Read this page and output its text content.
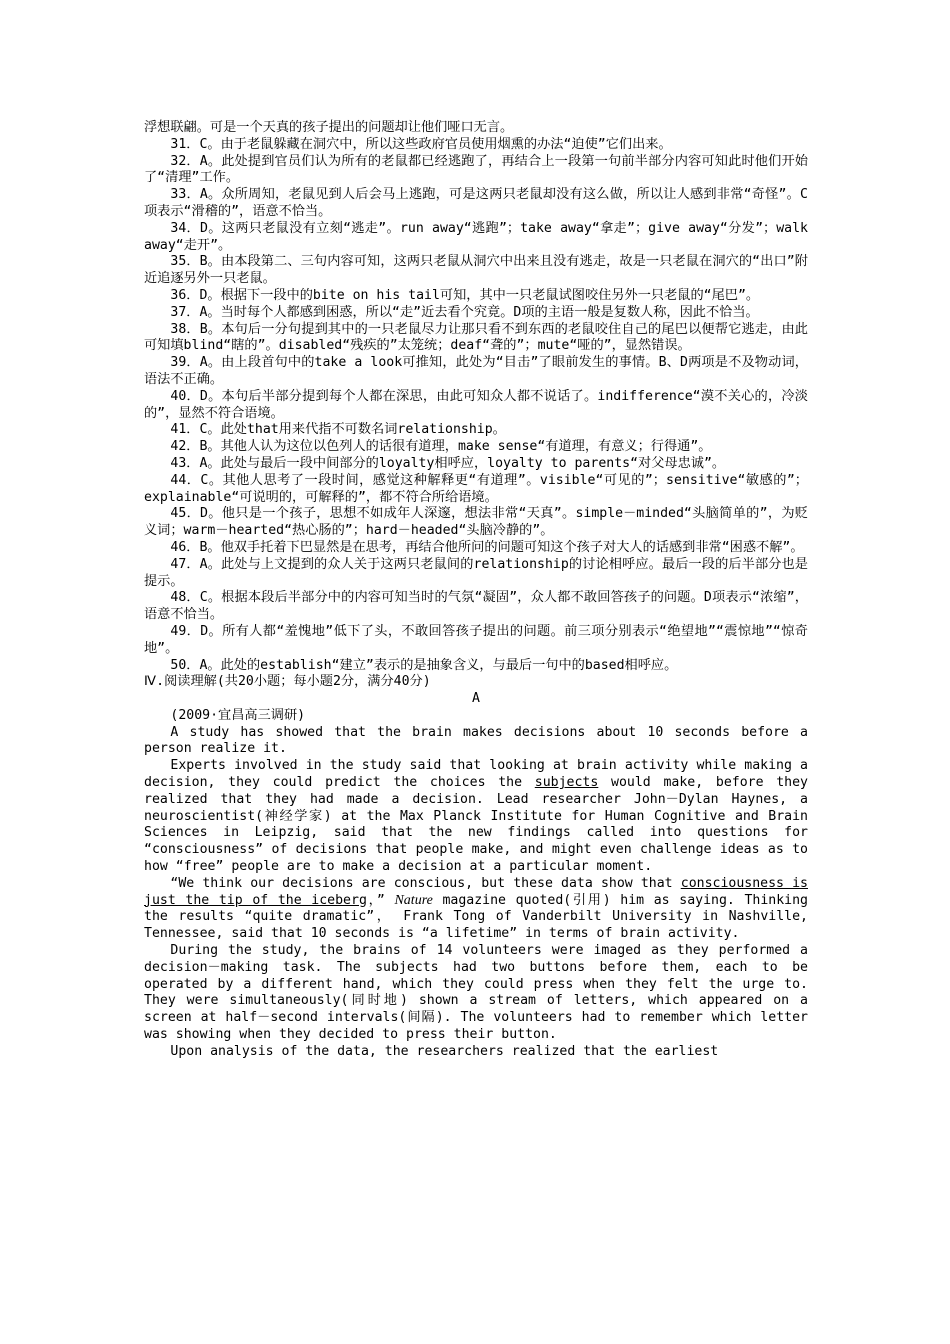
浮想联翩。可是一个天真的孩子提出的问题却让他们哑口无言。

31．C。由于老鼠躲藏在洞穴中，所以这些政府官员使用烟熏的办法“迫使”它们出来。

32．A。此处提到官员们认为所有的老鼠都已经逃跑了，再结合上一段第一句前半部分内容可知此时他们开始了“清理”工作。

33．A。众所周知，老鼠见到人后会马上逃跑，可是这两只老鼠却没有这么做，所以让人感到非常“奇怪”。C项表示“滑稽的”，语意不恰当。

34．D。这两只老鼠没有立刻“逃走”。run away“逃跑”；take away“拿走”；give away“分发”；walk away“走开”。

35．B。由本段第二、三句内容可知，这两只老鼠从洞穴中出来且没有逃走，故是一只老鼠在洞穴的“出口”附近追逐另外一只老鼠。

36．D。根据下一段中的bite on his tail可知，其中一只老鼠试图咬住另外一只老鼠的“尾巴”。

37．A。当时每个人都感到困惑，所以“走”近去看个究竟。D项的主语一般是复数人称，因此不恰当。

38．B。本句后一分句提到其中的一只老鼠尽力让那只看不到东西的老鼠咬住自己的尾巴以便帮它逃走，由此可知填blind“瞎的”。disabled“残疾的”太笼统；deaf“聋的”；mute“哑的”，显然错误。

39．A。由上段首句中的take a look可推知，此处为“目击”了眼前发生的事情。B、D两项是不及物动词，语法不正确。

40．D。本句后半部分提到每个人都在深思，由此可知众人都不说话了。indifference“漠不关心的，冷淡的”，显然不符合语境。

41．C。此处that用来代指不可数名词relationship。

42．B。其他人认为这位以色列人的话很有道理，make sense“有道理，有意义；行得通”。

43．A。此处与最后一段中间部分的loyalty相呼应，loyalty to parents“对父母忠诚”。

44．C。其他人思考了一段时间，感觉这种解释更“有道理”。visible“可见的”；sensitive“敏感的”；explainable“可说明的，可解释的”，都不符合所给语境。

45．D。他只是一个孩子，思想不如成年人深邃，想法非常“天真”。simple－minded“头脑简单的”，为贬义词；warm－hearted“热心肠的”；hard－headed“头脑冷静的”。

46．B。他双手托着下巴显然是在思考，再结合他所问的问题可知这个孩子对大人的话感到非常“困惑不解”。

47．A。此处与上文提到的众人关于这两只老鼠间的relationship的讨论相呼应。最后一段的后半部分也是提示。

48．C。根据本段后半部分中的内容可知当时的气氛“凝固”，众人都不敢回答孩子的问题。D项表示“浓缩”，语意不恰当。

49．D。所有人都“羞愧地”低下了头，不敢回答孩子提出的问题。前三项分别表示“绝望地”“震惊地”“惊奇地”。

50．A。此处的establish“建立”表示的是抽象含义，与最后一句中的based相呼应。

Ⅳ.阅读理解(共20小题；每小题2分，满分40分)

A

(2009·宜昌高三调研)

A study has showed that the brain makes decisions about 10 seconds before a person realize it.

Experts involved in the study said that looking at brain activity while making a decision, they could predict the choices the subjects would make, before they realized that they had made a decision. Lead researcher John－Dylan Haynes, a neuroscientist(神经学家) at the Max Planck Institute for Human Cognitive and Brain Sciences in Leipzig, said that the new findings called into questions for “consciousness” of decisions that people make, and might even challenge ideas as to how “free” people are to make a decision at a particular moment.

“We think our decisions are conscious, but these data show that consciousness is just the tip of the iceberg，” Nature magazine quoted(引用) him as saying. Thinking the results “quite dramatic”， Frank Tong of Vanderbilt University in Nashville, Tennessee, said that 10 seconds is “a lifetime” in terms of brain activity.

During the study, the brains of 14 volunteers were imaged as they performed a decision－making task. The subjects had two buttons before them, each to be operated by a different hand, which they could press when they felt the urge to. They were simultaneously(同时地) shown a stream of letters, which appeared on a screen at half－second intervals(间隔). The volunteers had to remember which letter was showing when they decided to press their button.

Upon analysis of the data, the researchers realized that the earliest
